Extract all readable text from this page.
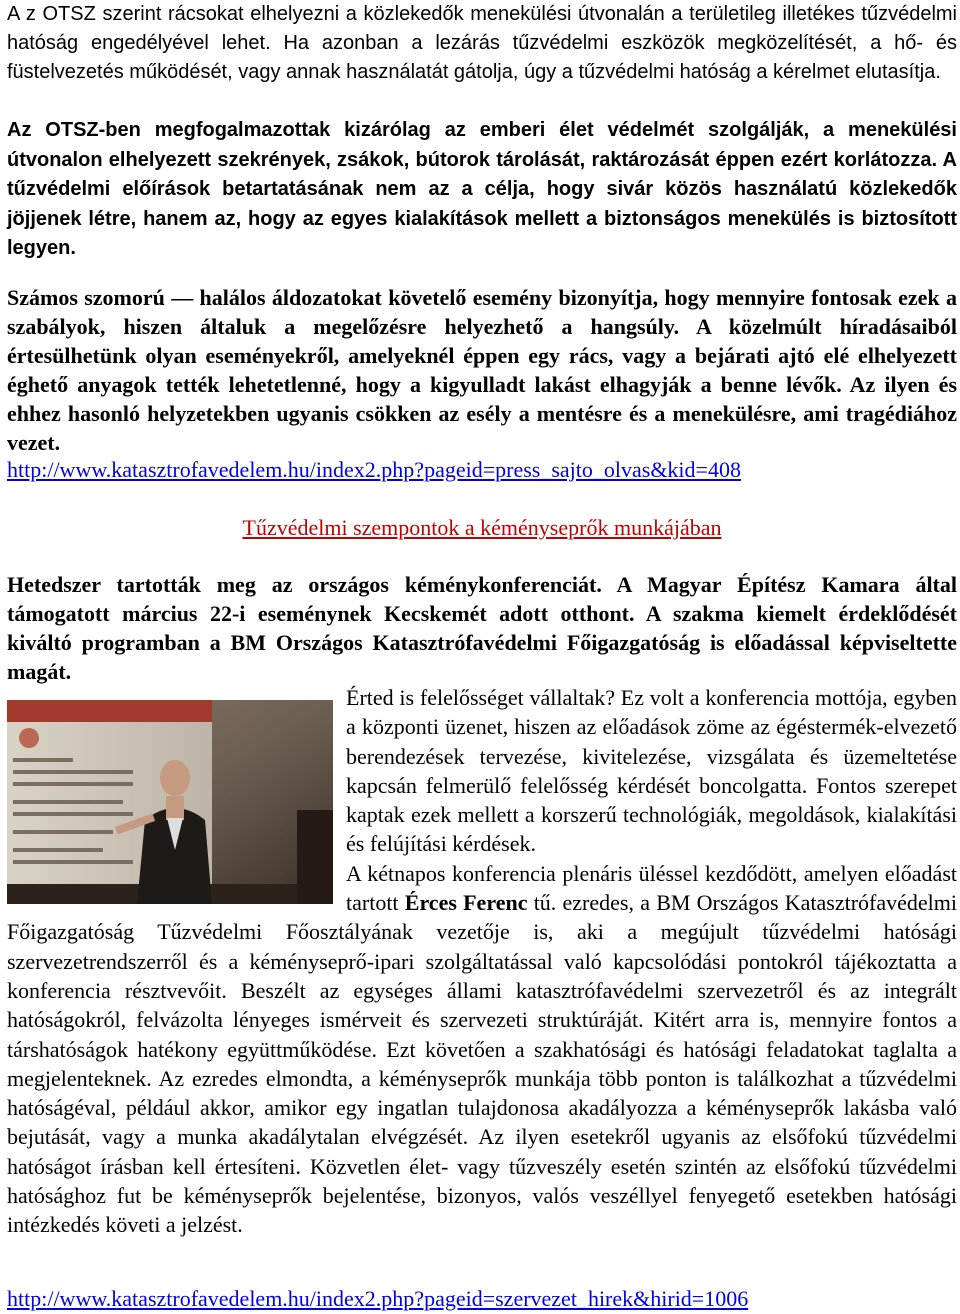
A z OTSZ szerint rácsokat elhelyezni a közlekedők menekülési útvonalán a területileg illetékes tűzvédelmi hatóság engedélyével lehet. Ha azonban a lezárás tűzvédelmi eszközök megközelítését, a hő- és füstelvezetés működését, vagy annak használatát gátolja, úgy a tűzvédelmi hatóság a kérelmet elutasítja.

Az OTSZ-ben megfogalmazottak kizárólag az emberi élet védelmét szolgálják, a menekülési útvonalon elhelyezett szekrények, zsákok, bútorok tárolását, raktározását éppen ezért korlátozza. A tűzvédelmi előírások betartatásának nem az a célja, hogy sivár közös használatú közlekedők jöjjenek létre, hanem az, hogy az egyes kialakítások mellett a biztonságos menekülés is biztosított legyen.

Számos szomorú ― halálos áldozatokat követelő esemény bizonyítja, hogy mennyire fontosak ezek a szabályok, hiszen általuk a megelőzésre helyezhető a hangsúly. A közelmúlt híradásaiból értesülhetünk olyan eseményekről, amelyeknél éppen egy rács, vagy a bejárati ajtó elé elhelyezett éghető anyagok tették lehetetlenné, hogy a kigyulladt lakást elhagyják a benne lévők. Az ilyen és ehhez hasonló helyzetekben ugyanis csökken az esély a mentésre és a menekülésre, ami tragédiához vezet.

http://www.katasztrofavedelem.hu/index2.php?pageid=press_sajto_olvas&kid=408

Tűzvédelmi szempontok a kéményseprők munkájában

Hetedszer tartották meg az országos kéménykonferenciát. A Magyar Építész Kamara által támogatott március 22-i eseménynek Kecskemét adott otthont. A szakma kiemelt érdeklődését kiváltó programban a BM Országos Katasztrófavédelmi Főigazgatóság is előadással képviseltette magát.

Érted is felelősséget vállaltak? Ez volt a konferencia mottója, egyben a központi üzenet, hiszen az előadások zöme az égéstermék-elvezető berendezések tervezése, kivitelezése, vizsgálata és üzemeltetése kapcsán felmerülő felelősség kérdését boncolgatta. Fontos szerepet kaptak ezek mellett a korszerű technológiák, megoldások, kialakítási és felújítási kérdések.

A kétnapos konferencia plenáris üléssel kezdődött, amelyen előadást tartott Érces Ferenc tű. ezredes, a BM Országos Katasztrófavédelmi Főigazgatóság Tűzvédelmi Főosztályának vezetője is, aki a megújult tűzvédelmi hatósági szervezetrendszerről és a kéményseprő-ipari szolgáltatással való kapcsolódási pontokról tájékoztatta a konferencia résztvevőit. Beszélt az egységes állami katasztrófavédelmi szervezetről és az integrált hatóságokról, felvázolta lényeges ismérveit és szervezeti struktúráját. Kitért arra is, mennyire fontos a társhatóságok hatékony együttműködése. Ezt követően a szakhatósági és hatósági feladatokat taglalta a megjelenteknek. Az ezredes elmondta, a kéményseprők munkája több ponton is találkozhat a tűzvédelmi hatóságéval, például akkor, amikor egy ingatlan tulajdonosa akadályozza a kéményseprők lakásba való bejutását, vagy a munka akadálytalan elvégzését. Az ilyen esetekről ugyanis az elsőfokú tűzvédelmi hatóságot írásban kell értesíteni. Közvetlen élet- vagy tűzveszély esetén szintén az elsőfokú tűzvédelmi hatósághoz fut be kéményseprők bejelentése, bizonyos, valós veszéllyel fenyegető esetekben hatósági intézkedés követi a jelzést.

http://www.katasztrofavedelem.hu/index2.php?pageid=szervezet_hirek&hirid=1006
